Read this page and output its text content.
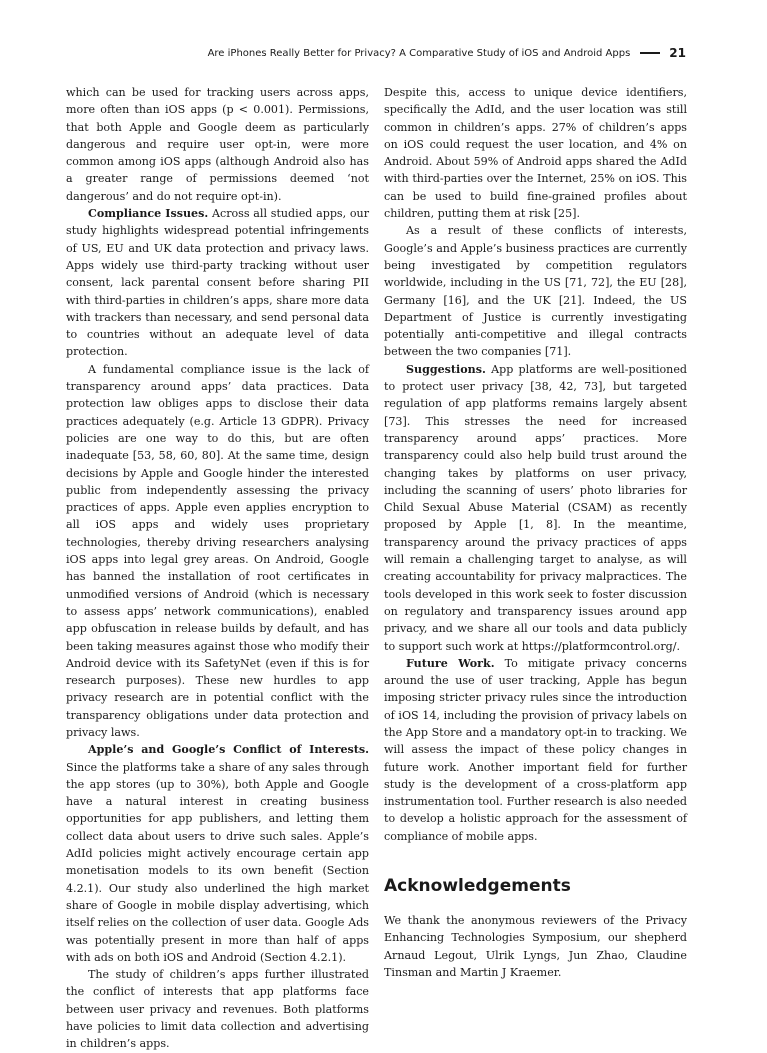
Are iPhones Really Better for Privacy? A Comparative Study of iOS and Android Apps	21

which can be used for tracking users across apps, more often than iOS apps (p < 0.001). Permissions, that both Apple and Google deem as particularly dangerous and require user opt-in, were more common among iOS apps (although Android also has a greater range of permissions deemed ‘not dangerous’ and do not require opt-in).

Compliance Issues. Across all studied apps, our study highlights widespread potential infringements of US, EU and UK data protection and privacy laws. Apps widely use third-party tracking without user consent, lack parental consent before sharing PII with third-parties in children’s apps, share more data with trackers than necessary, and send personal data to countries without an adequate level of data protection.

A fundamental compliance issue is the lack of transparency around apps’ data practices. Data protection law obliges apps to disclose their data practices adequately (e.g. Article 13 GDPR). Privacy policies are one way to do this, but are often inadequate [53, 58, 60, 80]. At the same time, design decisions by Apple and Google hinder the interested public from independently assessing the privacy practices of apps. Apple even applies encryption to all iOS apps and widely uses proprietary technologies, thereby driving researchers analysing iOS apps into legal grey areas. On Android, Google has banned the installation of root certificates in unmodified versions of Android (which is necessary to assess apps’ network communications), enabled app obfuscation in release builds by default, and has been taking measures against those who modify their Android device with its SafetyNet (even if this is for research purposes). These new hurdles to app privacy research are in potential conflict with the transparency obligations under data protection and privacy laws.

Apple’s and Google’s Conflict of Interests. Since the platforms take a share of any sales through the app stores (up to 30%), both Apple and Google have a natural interest in creating business opportunities for app publishers, and letting them collect data about users to drive such sales. Apple’s AdId policies might actively encourage certain app monetisation models to its own benefit (Section 4.2.1). Our study also underlined the high market share of Google in mobile display advertising, which itself relies on the collection of user data. Google Ads was potentially present in more than half of apps with ads on both iOS and Android (Section 4.2.1).

The study of children’s apps further illustrated the conflict of interests that app platforms face between user privacy and revenues. Both platforms have policies to limit data collection and advertising in children’s apps.

Despite this, access to unique device identifiers, specifically the AdId, and the user location was still common in children’s apps. 27% of children’s apps on iOS could request the user location, and 4% on Android. About 59% of Android apps shared the AdId with third-parties over the Internet, 25% on iOS. This can be used to build fine-grained profiles about children, putting them at risk [25].

As a result of these conflicts of interests, Google’s and Apple’s business practices are currently being investigated by competition regulators worldwide, including in the US [71, 72], the EU [28], Germany [16], and the UK [21]. Indeed, the US Department of Justice is currently investigating potentially anti-competitive and illegal contracts between the two companies [71].

Suggestions. App platforms are well-positioned to protect user privacy [38, 42, 73], but targeted regulation of app platforms remains largely absent [73]. This stresses the need for increased transparency around apps’ practices. More transparency could also help build trust around the changing takes by platforms on user privacy, including the scanning of users’ photo libraries for Child Sexual Abuse Material (CSAM) as recently proposed by Apple [1, 8]. In the meantime, transparency around the privacy practices of apps will remain a challenging target to analyse, as will creating accountability for privacy malpractices. The tools developed in this work seek to foster discussion on regulatory and transparency issues around app privacy, and we share all our tools and data publicly to support such work at https://platformcontrol.org/.

Future Work. To mitigate privacy concerns around the use of user tracking, Apple has begun imposing stricter privacy rules since the introduction of iOS 14, including the provision of privacy labels on the App Store and a mandatory opt-in to tracking. We will assess the impact of these policy changes in future work. Another important field for further study is the development of a cross-platform app instrumentation tool. Further research is also needed to develop a holistic approach for the assessment of compliance of mobile apps.

Acknowledgements

We thank the anonymous reviewers of the Privacy Enhancing Technologies Symposium, our shepherd Arnaud Legout, Ulrik Lyngs, Jun Zhao, Claudine Tinsman and Martin J Kraemer.
